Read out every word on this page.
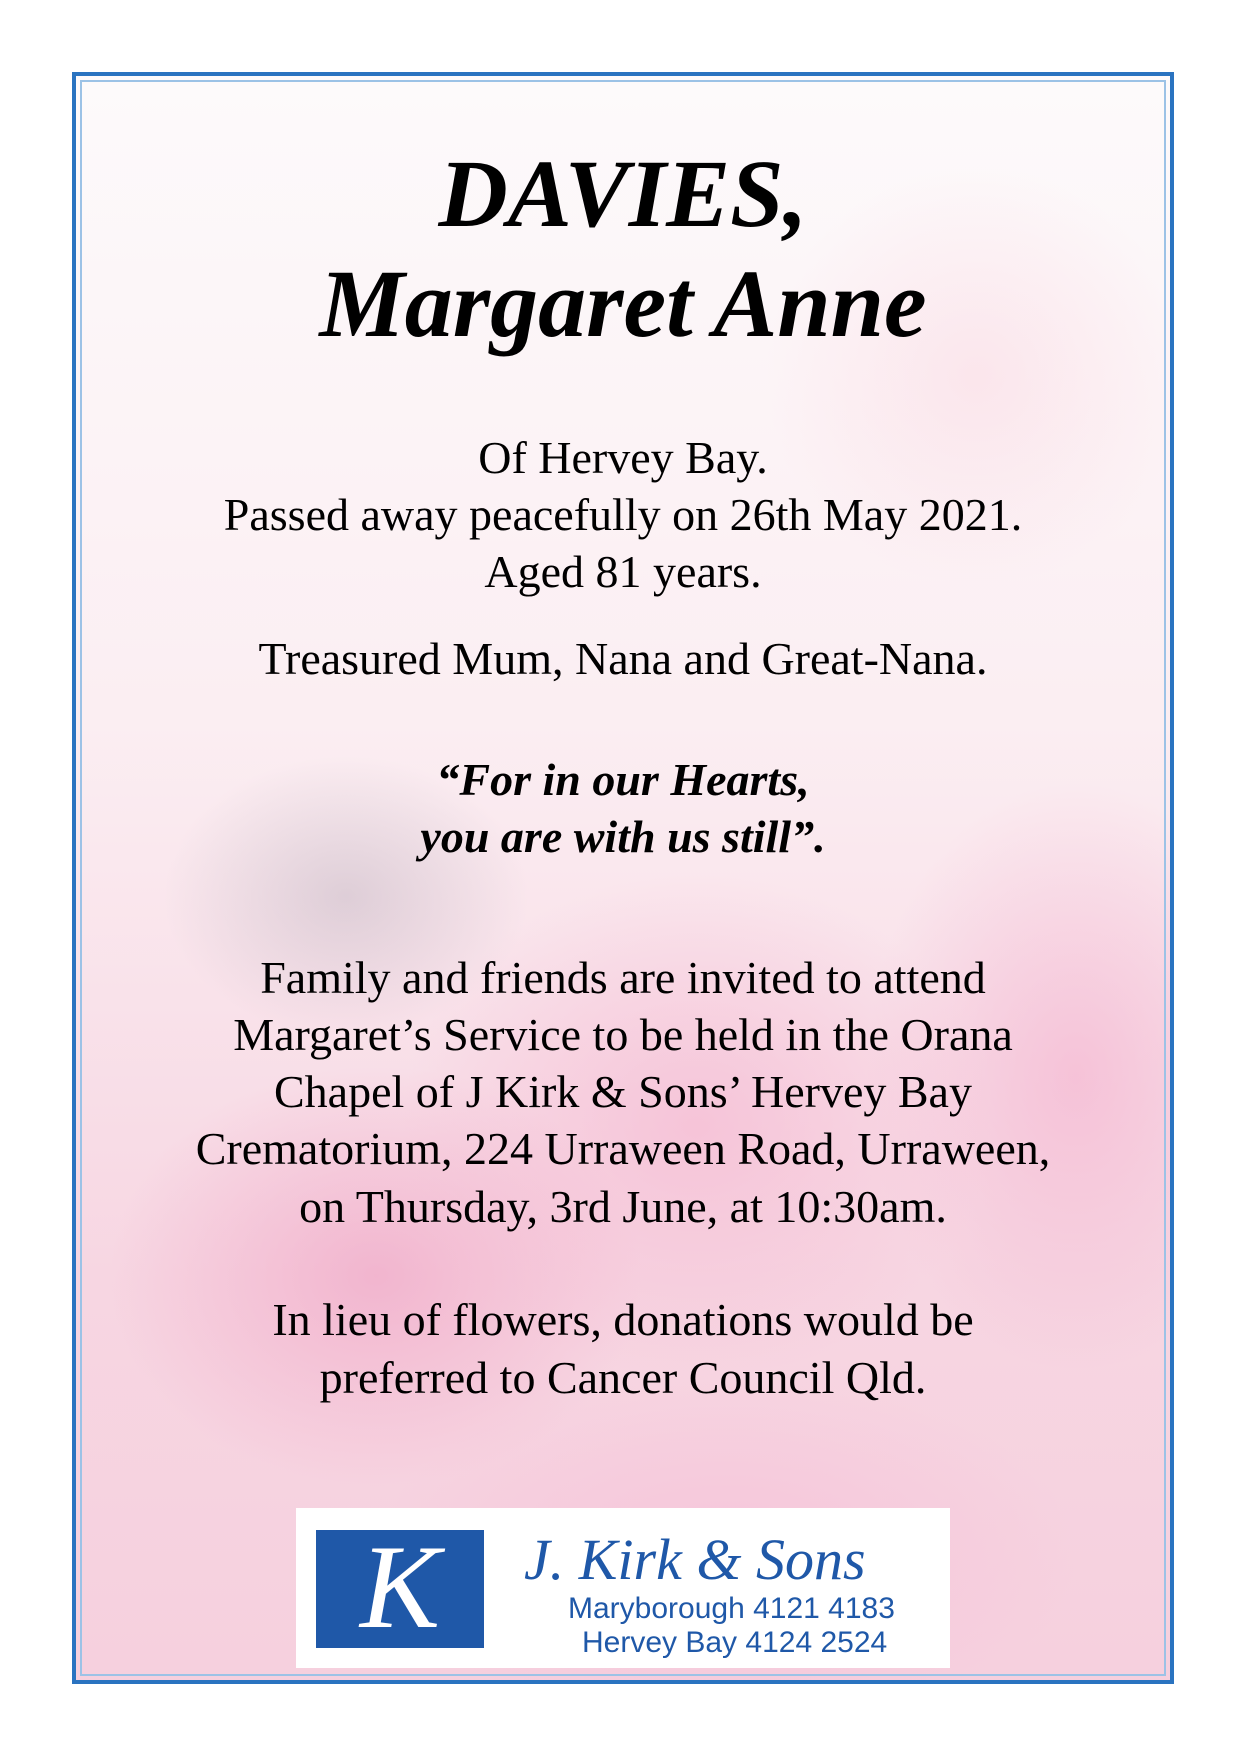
DAVIES,
Margaret Anne
Of Hervey Bay.
Passed away peacefully on 26th May 2021.
Aged 81 years.
Treasured Mum, Nana and Great-Nana.
“For in our Hearts,
you are with us still”.
Family and friends are invited to attend
Margaret’s Service to be held in the Orana
Chapel of J Kirk & Sons’ Hervey Bay
Crematorium, 224 Urraween Road, Urraween,
on Thursday, 3rd June, at 10:30am.
In lieu of flowers, donations would be
preferred to Cancer Council Qld.
K	J. Kirk & Sons
Maryborough 4121 4183
Hervey Bay 4124 2524
